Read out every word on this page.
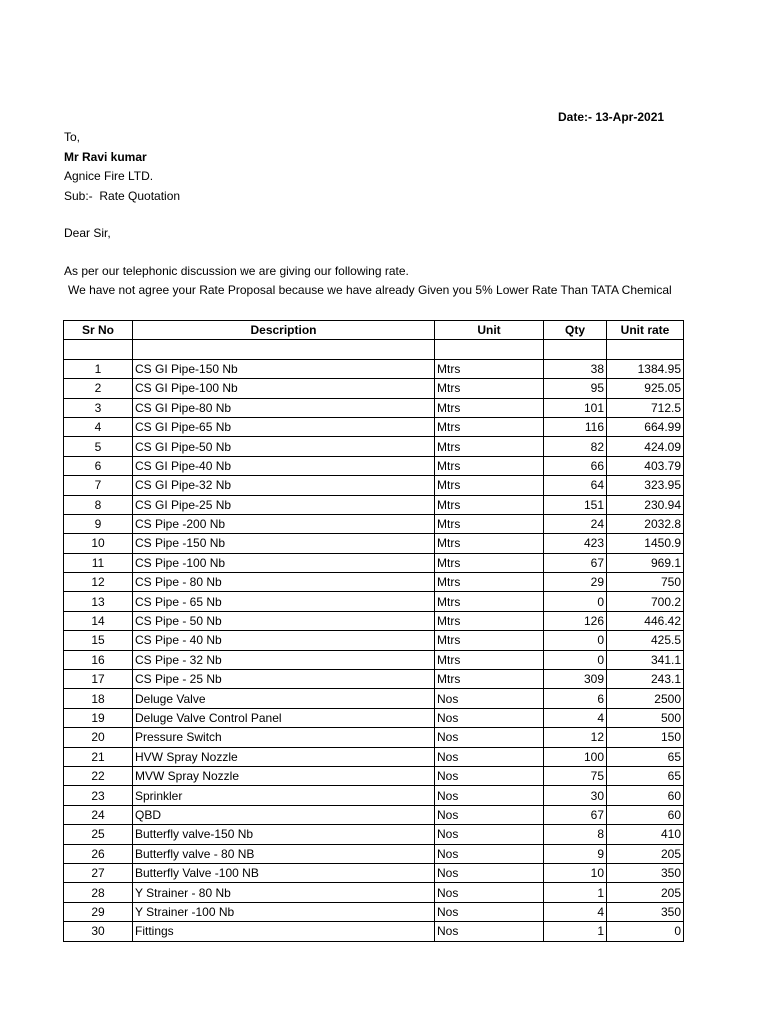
Date:- 13-Apr-2021
To,
Mr Ravi kumar
Agnice Fire LTD.
Sub:-  Rate Quotation
Dear Sir,
As per our telephonic discussion we are giving our following rate.
We have not agree your Rate Proposal because we have already Given you 5% Lower Rate Than TATA Chemical
Sr No	Description	Unit	Qty	Unit rate

1	CS GI Pipe-150 Nb	Mtrs	38	1384.95
2	CS GI Pipe-100 Nb	Mtrs	95	925.05
3	CS GI Pipe-80 Nb	Mtrs	101	712.5
4	CS GI Pipe-65 Nb	Mtrs	116	664.99
5	CS GI Pipe-50 Nb	Mtrs	82	424.09
6	CS GI Pipe-40 Nb	Mtrs	66	403.79
7	CS GI Pipe-32 Nb	Mtrs	64	323.95
8	CS GI Pipe-25 Nb	Mtrs	151	230.94
9	CS Pipe -200 Nb	Mtrs	24	2032.8
10	CS Pipe -150 Nb	Mtrs	423	1450.9
11	CS Pipe -100 Nb	Mtrs	67	969.1
12	CS Pipe - 80 Nb	Mtrs	29	750
13	CS Pipe - 65 Nb	Mtrs	0	700.2
14	CS Pipe - 50 Nb	Mtrs	126	446.42
15	CS Pipe - 40 Nb	Mtrs	0	425.5
16	CS Pipe - 32 Nb	Mtrs	0	341.1
17	CS Pipe - 25 Nb	Mtrs	309	243.1
18	Deluge Valve	Nos	6	2500
19	Deluge Valve Control Panel	Nos	4	500
20	Pressure Switch	Nos	12	150
21	HVW Spray Nozzle	Nos	100	65
22	MVW Spray Nozzle	Nos	75	65
23	Sprinkler	Nos	30	60
24	QBD	Nos	67	60
25	Butterfly valve-150 Nb	Nos	8	410
26	Butterfly valve - 80 NB	Nos	9	205
27	Butterfly Valve -100 NB	Nos	10	350
28	Y Strainer - 80 Nb	Nos	1	205
29	Y Strainer -100 Nb	Nos	4	350
30	Fittings	Nos	1	0
